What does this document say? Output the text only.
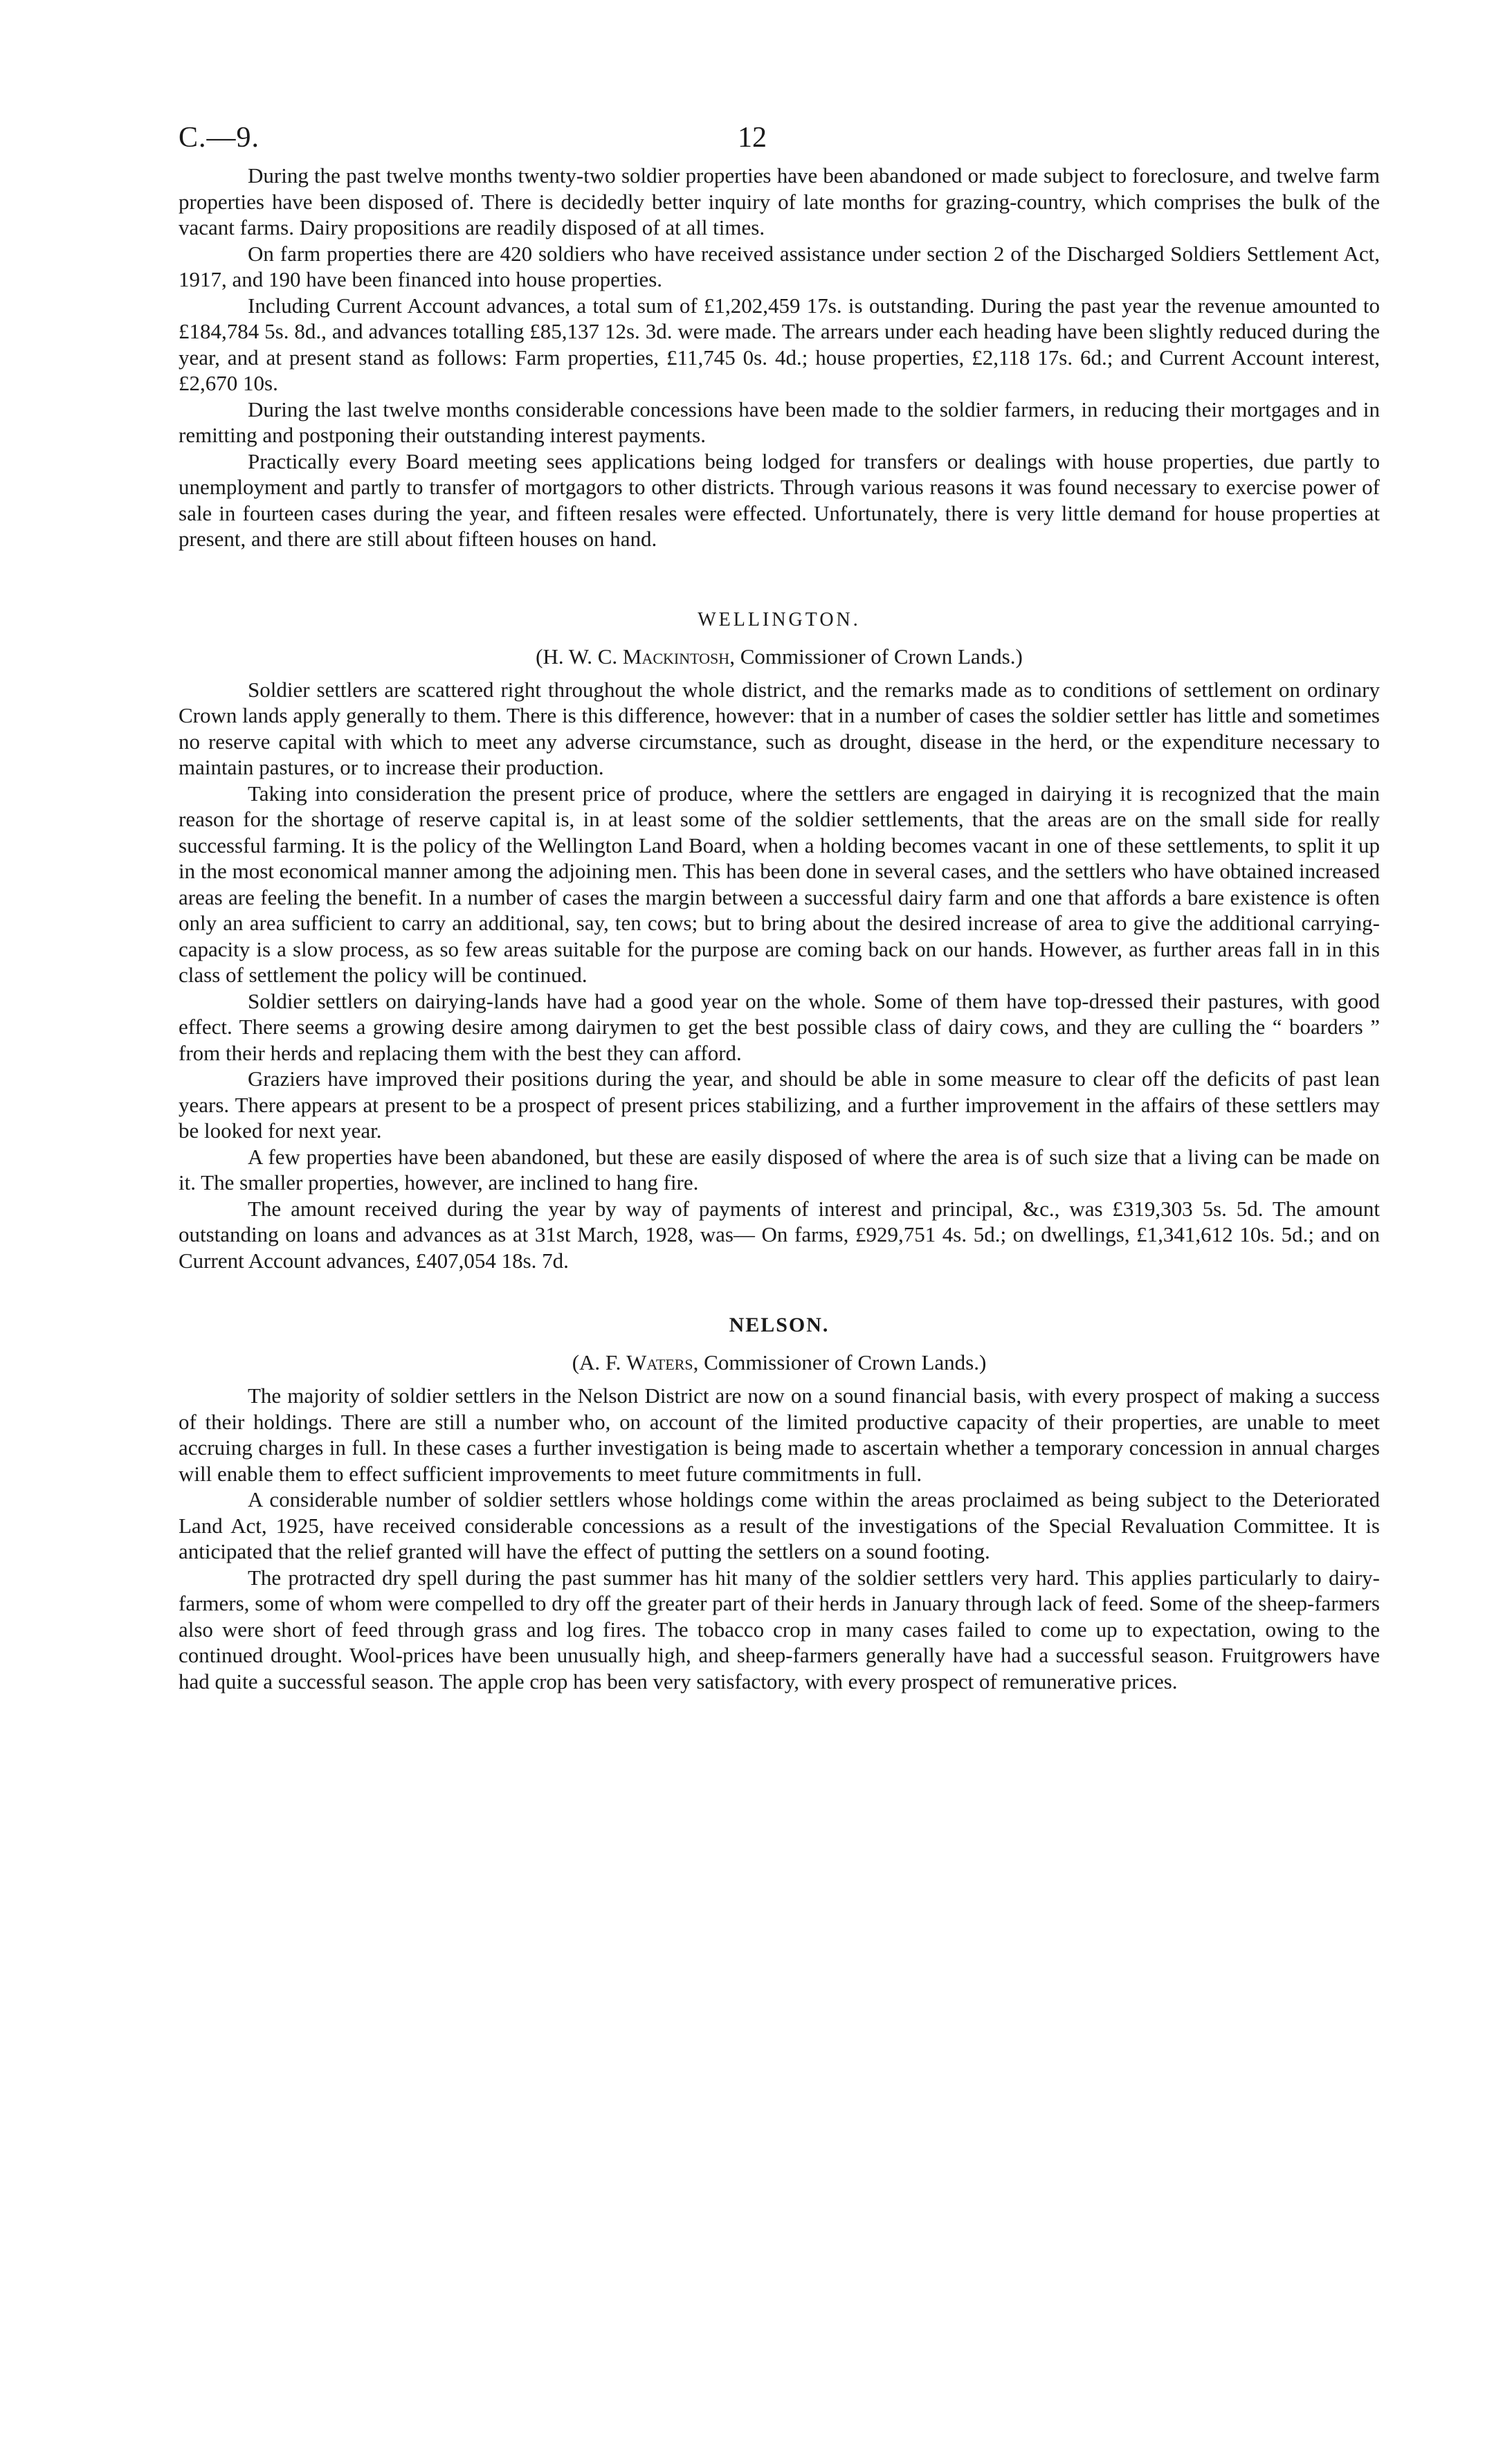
C.—9.	12

During the past twelve months twenty-two soldier properties have been abandoned or made subject to foreclosure, and twelve farm properties have been disposed of. There is decidedly better inquiry of late months for grazing-country, which comprises the bulk of the vacant farms. Dairy propositions are readily disposed of at all times.

On farm properties there are 420 soldiers who have received assistance under section 2 of the Discharged Soldiers Settlement Act, 1917, and 190 have been financed into house properties.

Including Current Account advances, a total sum of £1,202,459 17s. is outstanding. During the past year the revenue amounted to £184,784 5s. 8d., and advances totalling £85,137 12s. 3d. were made. The arrears under each heading have been slightly reduced during the year, and at present stand as follows: Farm properties, £11,745 0s. 4d.; house properties, £2,118 17s. 6d.; and Current Account interest, £2,670 10s.

During the last twelve months considerable concessions have been made to the soldier farmers, in reducing their mortgages and in remitting and postponing their outstanding interest payments.

Practically every Board meeting sees applications being lodged for transfers or dealings with house properties, due partly to unemployment and partly to transfer of mortgagors to other districts. Through various reasons it was found necessary to exercise power of sale in fourteen cases during the year, and fifteen resales were effected. Unfortunately, there is very little demand for house properties at present, and there are still about fifteen houses on hand.

WELLINGTON.

(H. W. C. Mackintosh, Commissioner of Crown Lands.)

Soldier settlers are scattered right throughout the whole district, and the remarks made as to conditions of settlement on ordinary Crown lands apply generally to them. There is this difference, however: that in a number of cases the soldier settler has little and sometimes no reserve capital with which to meet any adverse circumstance, such as drought, disease in the herd, or the expenditure necessary to maintain pastures, or to increase their production.

Taking into consideration the present price of produce, where the settlers are engaged in dairying it is recognized that the main reason for the shortage of reserve capital is, in at least some of the soldier settlements, that the areas are on the small side for really successful farming. It is the policy of the Wellington Land Board, when a holding becomes vacant in one of these settlements, to split it up in the most economical manner among the adjoining men. This has been done in several cases, and the settlers who have obtained increased areas are feeling the benefit. In a number of cases the margin between a successful dairy farm and one that affords a bare existence is often only an area sufficient to carry an additional, say, ten cows; but to bring about the desired increase of area to give the additional carrying-capacity is a slow process, as so few areas suitable for the purpose are coming back on our hands. However, as further areas fall in in this class of settlement the policy will be continued.

Soldier settlers on dairying-lands have had a good year on the whole. Some of them have top-dressed their pastures, with good effect. There seems a growing desire among dairymen to get the best possible class of dairy cows, and they are culling the “ boarders ” from their herds and replacing them with the best they can afford.

Graziers have improved their positions during the year, and should be able in some measure to clear off the deficits of past lean years. There appears at present to be a prospect of present prices stabilizing, and a further improvement in the affairs of these settlers may be looked for next year.

A few properties have been abandoned, but these are easily disposed of where the area is of such size that a living can be made on it. The smaller properties, however, are inclined to hang fire.

The amount received during the year by way of payments of interest and principal, &c., was £319,303 5s. 5d. The amount outstanding on loans and advances as at 31st March, 1928, was— On farms, £929,751 4s. 5d.; on dwellings, £1,341,612 10s. 5d.; and on Current Account advances, £407,054 18s. 7d.

NELSON.

(A. F. Waters, Commissioner of Crown Lands.)

The majority of soldier settlers in the Nelson District are now on a sound financial basis, with every prospect of making a success of their holdings. There are still a number who, on account of the limited productive capacity of their properties, are unable to meet accruing charges in full. In these cases a further investigation is being made to ascertain whether a temporary concession in annual charges will enable them to effect sufficient improvements to meet future commitments in full.

A considerable number of soldier settlers whose holdings come within the areas proclaimed as being subject to the Deteriorated Land Act, 1925, have received considerable concessions as a result of the investigations of the Special Revaluation Committee. It is anticipated that the relief granted will have the effect of putting the settlers on a sound footing.

The protracted dry spell during the past summer has hit many of the soldier settlers very hard. This applies particularly to dairy-farmers, some of whom were compelled to dry off the greater part of their herds in January through lack of feed. Some of the sheep-farmers also were short of feed through grass and log fires. The tobacco crop in many cases failed to come up to expectation, owing to the continued drought. Wool-prices have been unusually high, and sheep-farmers generally have had a successful season. Fruitgrowers have had quite a successful season. The apple crop has been very satisfactory, with every prospect of remunerative prices.
